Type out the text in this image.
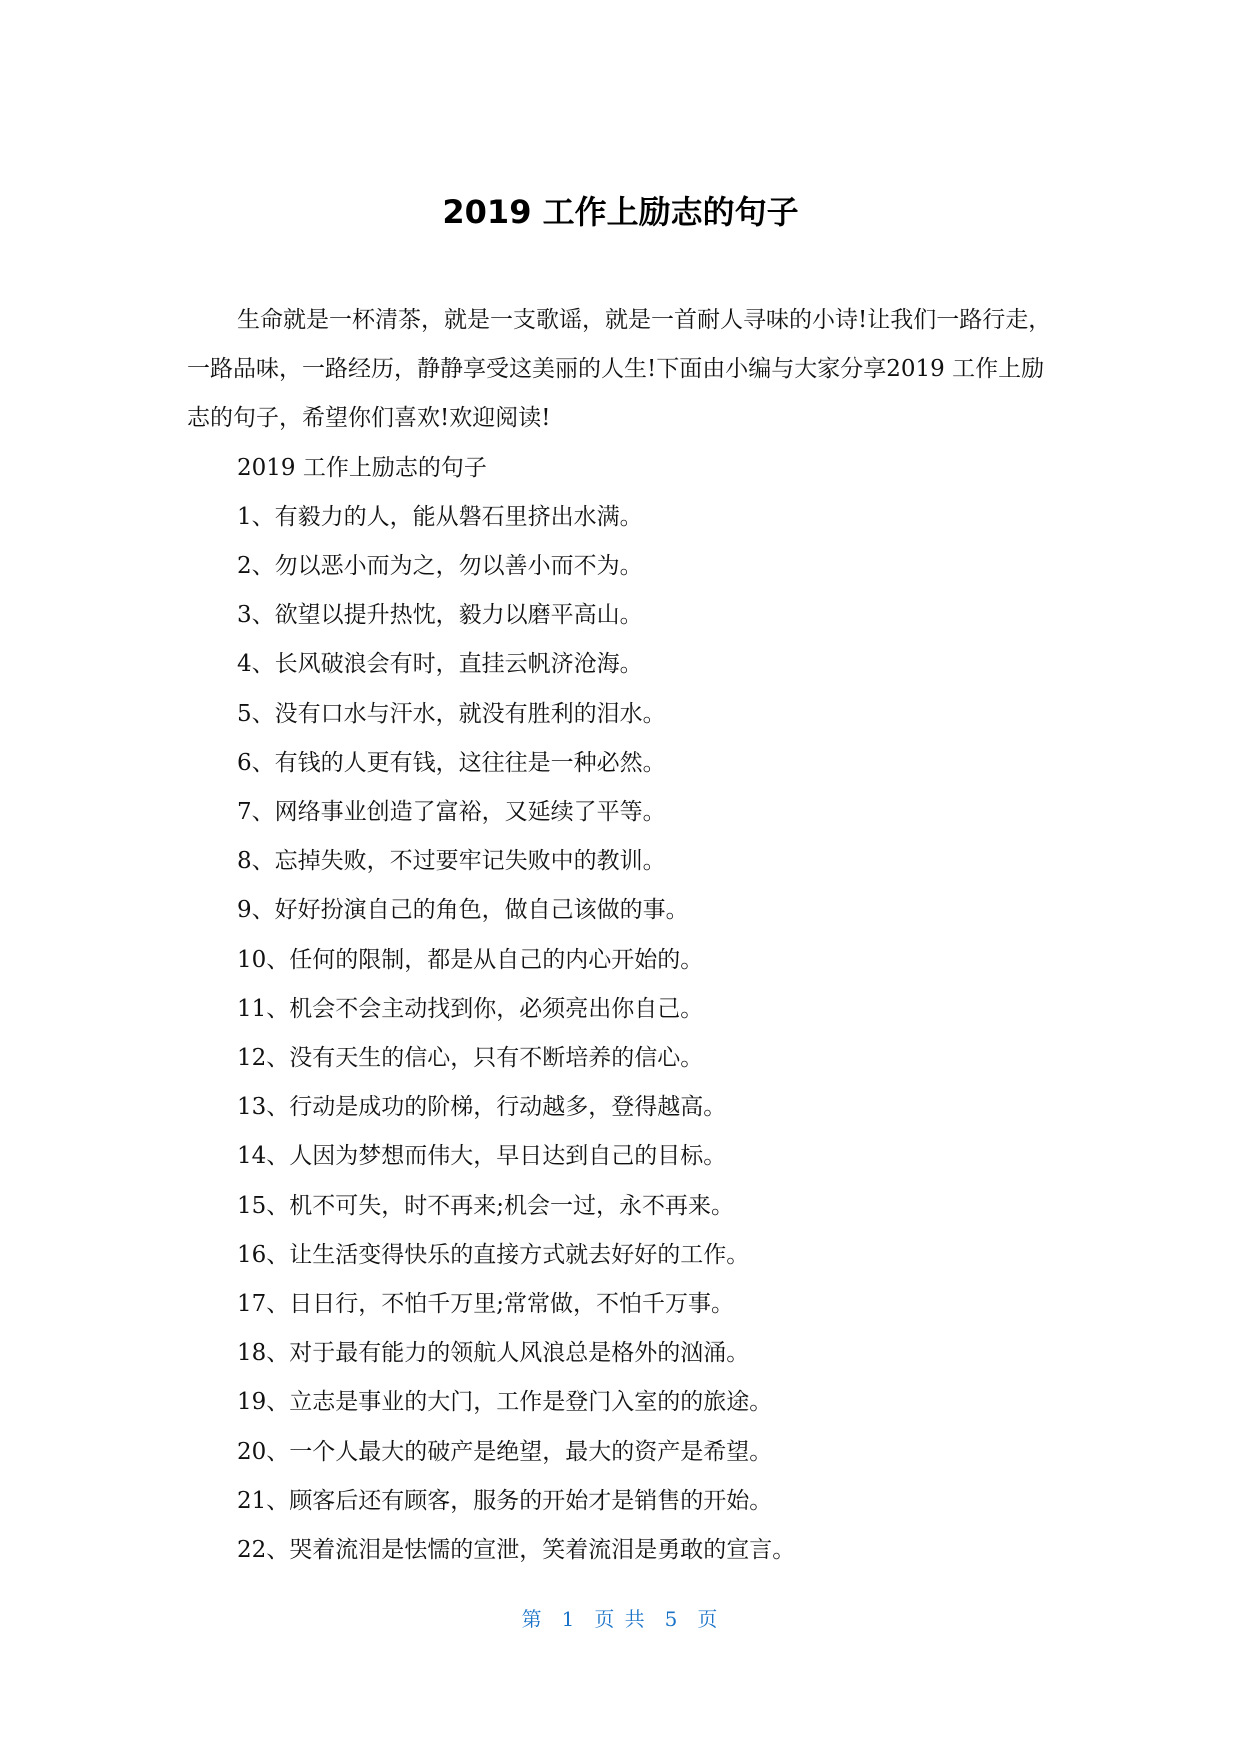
2019 工作上励志的句子

生命就是一杯清茶，就是一支歌谣，就是一首耐人寻味的小诗!让我们一路行走，一路品味，一路经历，静静享受这美丽的人生!下面由小编与大家分享2019 工作上励志的句子，希望你们喜欢!欢迎阅读!

2019 工作上励志的句子

1、有毅力的人，能从磐石里挤出水满。

2、勿以恶小而为之，勿以善小而不为。

3、欲望以提升热忱，毅力以磨平高山。

4、长风破浪会有时，直挂云帆济沧海。

5、没有口水与汗水，就没有胜利的泪水。

6、有钱的人更有钱，这往往是一种必然。

7、网络事业创造了富裕，又延续了平等。

8、忘掉失败，不过要牢记失败中的教训。

9、好好扮演自己的角色，做自己该做的事。

10、任何的限制，都是从自己的内心开始的。

11、机会不会主动找到你，必须亮出你自己。

12、没有天生的信心，只有不断培养的信心。

13、行动是成功的阶梯，行动越多，登得越高。

14、人因为梦想而伟大，早日达到自己的目标。

15、机不可失，时不再来;机会一过，永不再来。

16、让生活变得快乐的直接方式就去好好的工作。

17、日日行，不怕千万里;常常做，不怕千万事。

18、对于最有能力的领航人风浪总是格外的汹涌。

19、立志是事业的大门，工作是登门入室的的旅途。

20、一个人最大的破产是绝望，最大的资产是希望。

21、顾客后还有顾客，服务的开始才是销售的开始。

22、哭着流泪是怯懦的宣泄，笑着流泪是勇敢的宣言。

第 1 页 共 5 页
